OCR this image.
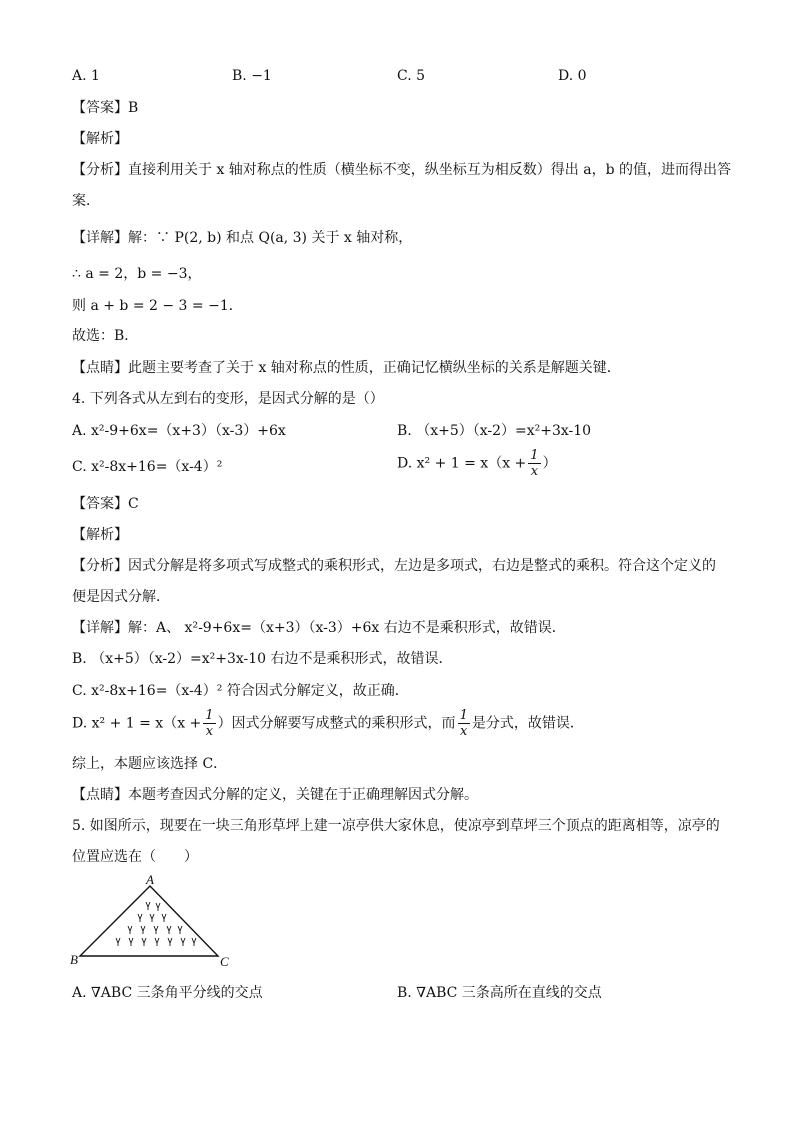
A. 1	B. −1	C. 5	D. 0
【答案】B
【解析】
【分析】直接利用关于 x 轴对称点的性质（横坐标不变，纵坐标互为相反数）得出 a，b 的值，进而得出答
案．
【详解】解：∵ P(2, b) 和点 Q(a, 3) 关于 x 轴对称，
∴ a = 2，b = −3，
则 a + b = 2 − 3 = −1．
故选：B．
【点睛】此题主要考查了关于 x 轴对称点的性质，正确记忆横纵坐标的关系是解题关键．
4. 下列各式从左到右的变形，是因式分解的是（）
A. x²-9+6x=（x+3）（x-3）+6x	B. （x+5）（x-2）=x²+3x-10
C. x²-8x+16=（x-4）²	D. $x^2 + 1 = x(x + \frac{1}{x}$ ）
【答案】C
【解析】
【分析】因式分解是将多项式写成整式的乘积形式，左边是多项式，右边是整式的乘积。符合这个定义的
便是因式分解．
【详解】解：A、 x²-9+6x=（x+3）（x-3）+6x 右边不是乘积形式，故错误．
B. （x+5）（x-2）=x²+3x-10 右边不是乘积形式，故错误．
C. x²-8x+16=（x-4）² 符合因式分解定义，故正确．
D. $x^2 + 1 = x(x + \frac{1}{x}$ ）因式分解要写成整式的乘积形式，而 $\frac{1}{x}$ 是分式，故错误．
综上，本题应该选择 C．
【点睛】本题考查因式分解的定义，关键在于正确理解因式分解。
5. 如图所示，现要在一块三角形草坪上建一凉亭供大家休息，使凉亭到草坪三个顶点的距离相等，凉亭的
位置应选在（　　）
A
B	C
A. ∇ABC 三条角平分线的交点	B. ∇ABC 三条高所在直线的交点
